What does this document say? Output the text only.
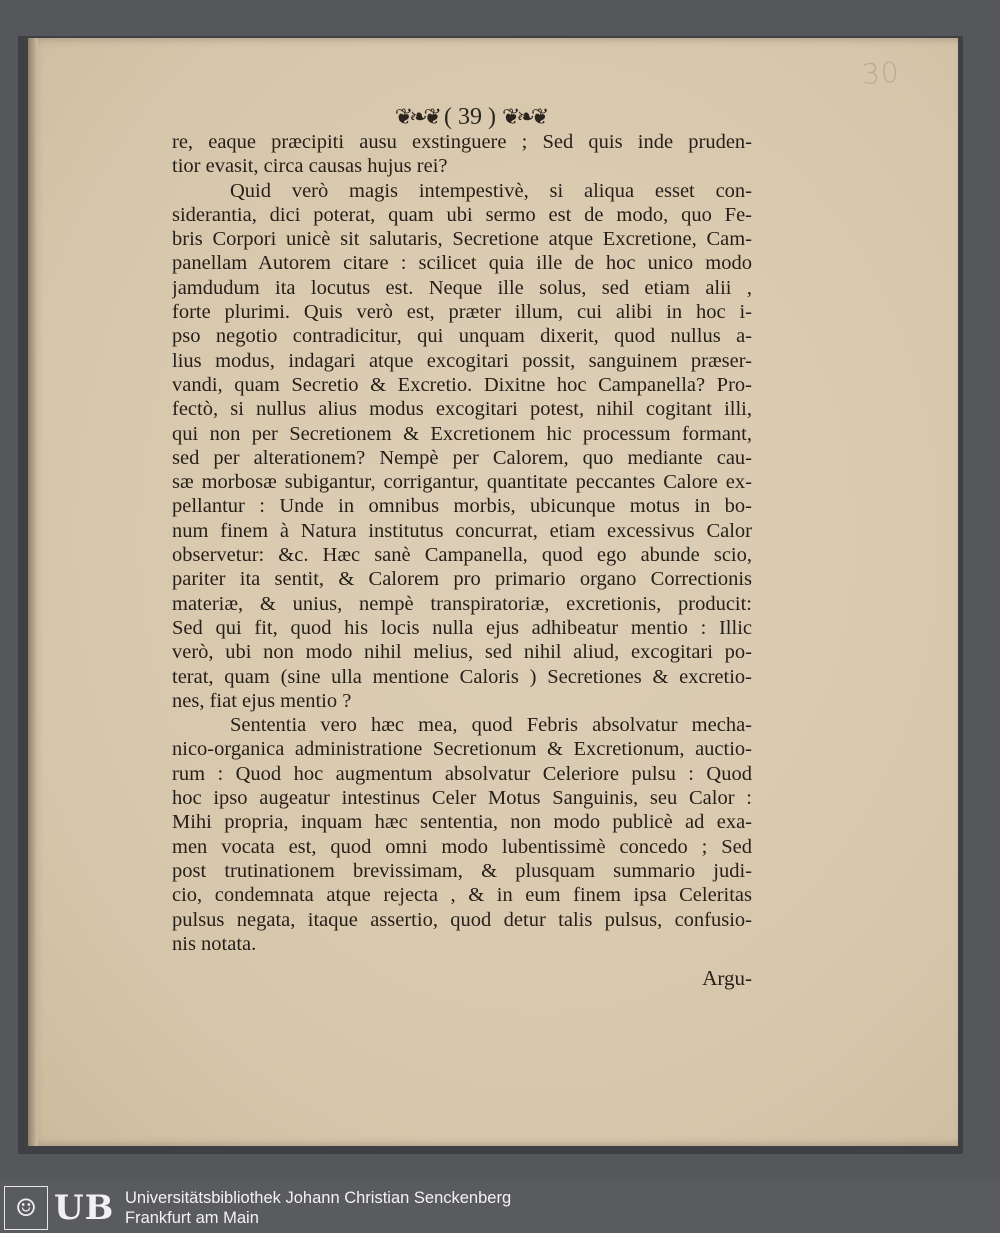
30
❦❧❦ ( 39 ) ❦❧❦
re, eaque præcipiti ausu exstinguere ; Sed quis inde pruden-
tior evasit, circa causas hujus rei?
Quid verò magis intempestivè, si aliqua esset con-
siderantia, dici poterat, quam ubi sermo est de modo, quo Fe-
bris Corpori unicè sit salutaris, Secretione atque Excretione, Cam-
panellam Autorem citare : scilicet quia ille de hoc unico modo
jamdudum ita locutus est. Neque ille solus, sed etiam alii ,
forte plurimi. Quis verò est, præter illum, cui alibi in hoc i-
pso negotio contradicitur, qui unquam dixerit, quod nullus a-
lius modus, indagari atque excogitari possit, sanguinem præser-
vandi, quam Secretio & Excretio. Dixitne hoc Campanella? Pro-
fectò, si nullus alius modus excogitari potest, nihil cogitant illi,
qui non per Secretionem & Excretionem hic processum formant,
sed per alterationem? Nempè per Calorem, quo mediante cau-
sæ morbosæ subigantur, corrigantur, quantitate peccantes Calore ex-
pellantur : Unde in omnibus morbis, ubicunque motus in bo-
num finem à Natura institutus concurrat, etiam excessivus Calor
observetur: &c. Hæc sanè Campanella, quod ego abunde scio,
pariter ita sentit, & Calorem pro primario organo Correctionis
materiæ, & unius, nempè transpiratoriæ, excretionis, producit:
Sed qui fit, quod his locis nulla ejus adhibeatur mentio : Illic
verò, ubi non modo nihil melius, sed nihil aliud, excogitari po-
terat, quam (sine ulla mentione Caloris ) Secretiones & excretio-
nes, fiat ejus mentio ?
Sententia vero hæc mea, quod Febris absolvatur mecha-
nico-organica administratione Secretionum & Excretionum, auctio-
rum : Quod hoc augmentum absolvatur Celeriore pulsu : Quod
hoc ipso augeatur intestinus Celer Motus Sanguinis, seu Calor :
Mihi propria, inquam hæc sententia, non modo publicè ad exa-
men vocata est, quod omni modo lubentissimè concedo ; Sed
post trutinationem brevissimam, & plusquam summario judi-
cio, condemnata atque rejecta , & in eum finem ipsa Celeritas
pulsus negata, itaque assertio, quod detur talis pulsus, confusio-
nis notata.
Argu-
☺ UB Universitätsbibliothek Johann Christian Senckenberg
Frankfurt am Main
